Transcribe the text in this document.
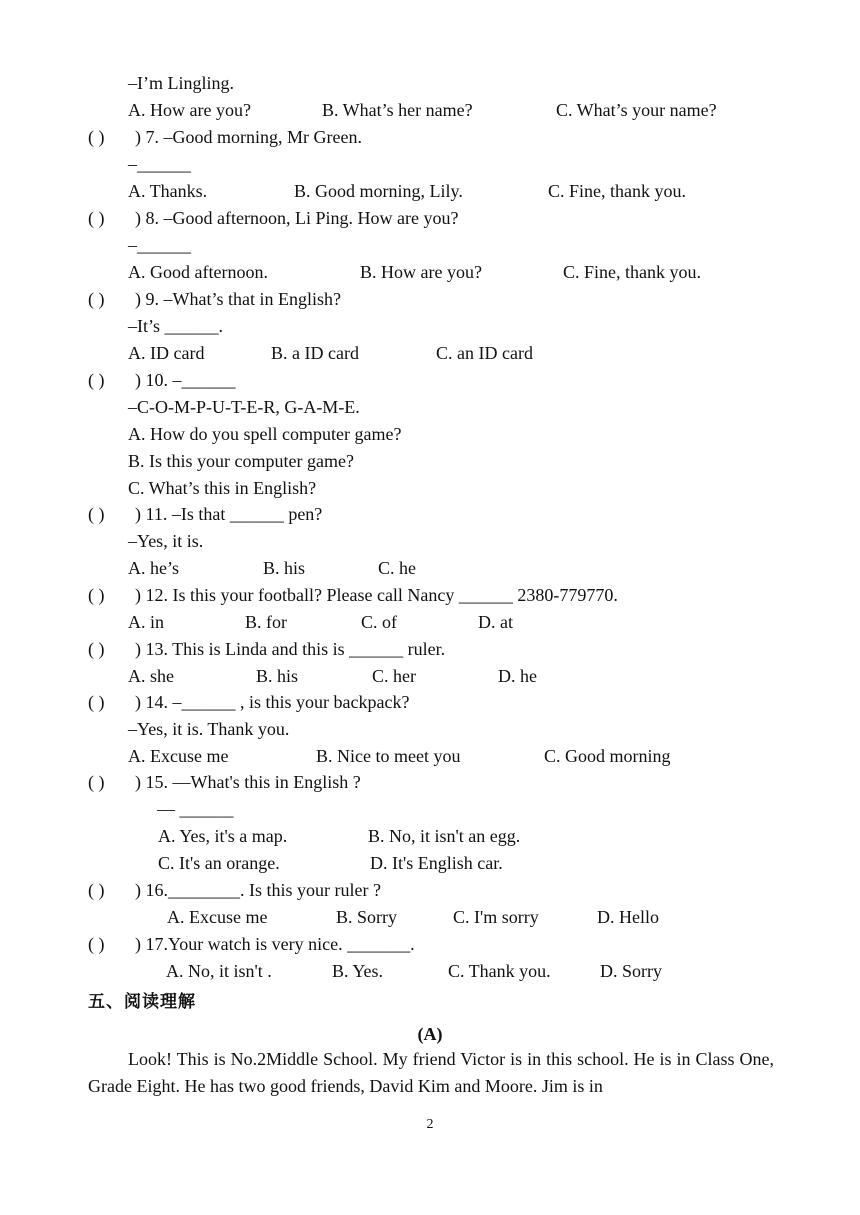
–I’m Lingling.
A. How are you?	B. What’s her name?	C. What’s your name?
( ) ) 7. –Good morning, Mr Green.
–______
A. Thanks.	B. Good morning, Lily.	C. Fine, thank you.
( ) ) 8. –Good afternoon, Li Ping. How are you?
–______
A. Good afternoon.	B. How are you?	C. Fine, thank you.
( ) ) 9. –What’s that in English?
–It’s ______.
A. ID card	B. a ID card	C. an ID card
( ) ) 10. –______
–C-O-M-P-U-T-E-R, G-A-M-E.
A. How do you spell computer game?
B. Is this your computer game?
C. What’s this in English?
( ) ) 11. –Is that ______ pen?
–Yes, it is.
A. he’s	B. his	C. he
( ) ) 12. Is this your football? Please call Nancy ______ 2380-779770.
A. in	B. for	C. of	D. at
( ) ) 13. This is Linda and this is ______ ruler.
A. she	B. his	C. her	D. he
( ) ) 14. –______ , is this your backpack?
–Yes, it is. Thank you.
A. Excuse me	B. Nice to meet you	C. Good morning
( ) ) 15. —What's this in English ?
— ______
A. Yes, it's a map.	B. No, it isn't an egg.
C. It's an orange.	D. It's English car.
( ) ) 16.________. Is this your ruler ?
A. Excuse me	B. Sorry	C. I'm sorry	D. Hello
( ) ) 17.Your watch is very nice. _______.
A. No, it isn't .	B. Yes.	C. Thank you.	D. Sorry
五、阅读理解
(A)
Look! This is No.2Middle School. My friend Victor is in this school. He is in Class One, Grade Eight. He has two good friends, David Kim and Moore. Jim is in
2
